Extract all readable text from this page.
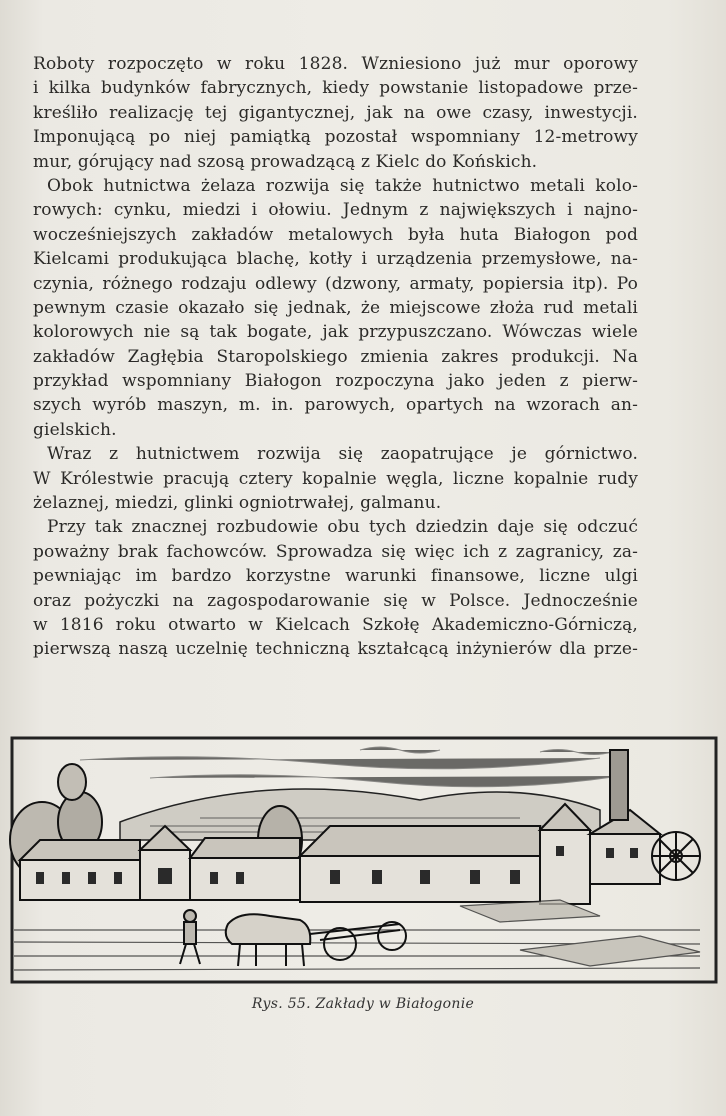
Roboty rozpoczęto w roku 1828. Wzniesiono już mur oporowy
i kilka budynków fabrycznych, kiedy powstanie listopadowe prze-
kreśliło realizację tej gigantycznej, jak na owe czasy, inwestycji.
Imponującą po niej pamiątką pozostał wspomniany 12-metrowy
mur, górujący nad szosą prowadzącą z Kielc do Końskich.
Obok hutnictwa żelaza rozwija się także hutnictwo metali kolo-
rowych: cynku, miedzi i ołowiu. Jednym z największych i najno-
wocześniejszych zakładów metalowych była huta Białogon pod
Kielcami produkująca blachę, kotły i urządzenia przemysłowe, na-
czynia, różnego rodzaju odlewy (dzwony, armaty, popiersia itp). Po
pewnym czasie okazało się jednak, że miejscowe złoża rud metali
kolorowych nie są tak bogate, jak przypuszczano. Wówczas wiele
zakładów Zagłębia Staropolskiego zmienia zakres produkcji. Na
przykład wspomniany Białogon rozpoczyna jako jeden z pierw-
szych wyrób maszyn, m. in. parowych, opartych na wzorach an-
gielskich.
Wraz z hutnictwem rozwija się zaopatrujące je górnictwo.
W Królestwie pracują cztery kopalnie węgla, liczne kopalnie rudy
żelaznej, miedzi, glinki ogniotrwałej, galmanu.
Przy tak znacznej rozbudowie obu tych dziedzin daje się odczuć
poważny brak fachowców. Sprowadza się więc ich z zagranicy, za-
pewniając im bardzo korzystne warunki finansowe, liczne ulgi
oraz pożyczki na zagospodarowanie się w Polsce. Jednocześnie
w 1816 roku otwarto w Kielcach Szkołę Akademiczno-Górniczą,
pierwszą naszą uczelnię techniczną kształcącą inżynierów dla prze-
Rys. 55. Zakłady w Białogonie
